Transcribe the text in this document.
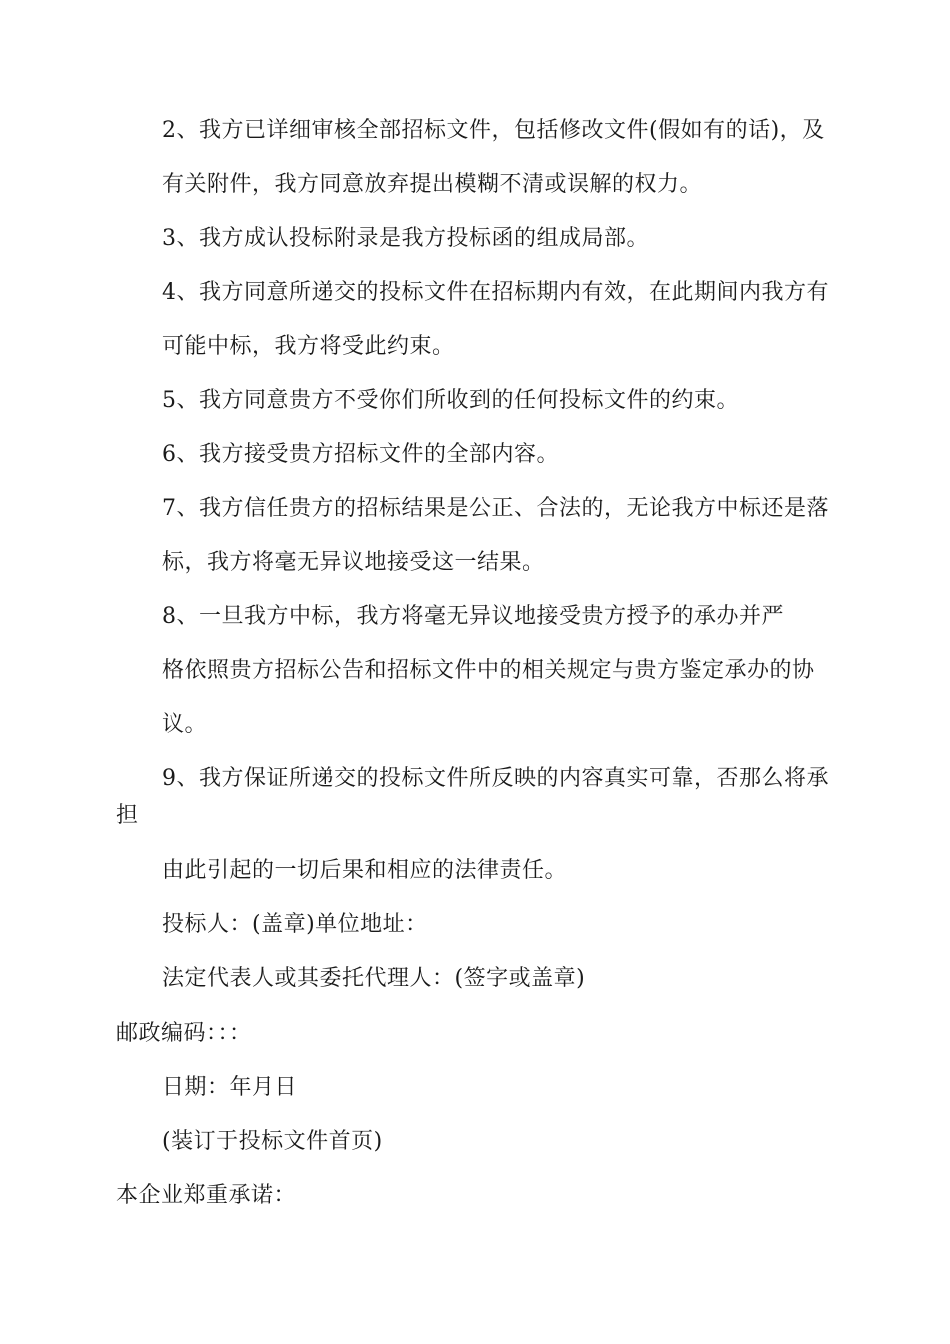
2、我方已详细审核全部招标文件，包括修改文件(假如有的话)，及
有关附件，我方同意放弃提出模糊不清或误解的权力。
3、我方成认投标附录是我方投标函的组成局部。
4、我方同意所递交的投标文件在招标期内有效，在此期间内我方有
可能中标，我方将受此约束。
5、我方同意贵方不受你们所收到的任何投标文件的约束。
6、我方接受贵方招标文件的全部内容。
7、我方信任贵方的招标结果是公正、合法的，无论我方中标还是落
标，我方将毫无异议地接受这一结果。
8、一旦我方中标，我方将毫无异议地接受贵方授予的承办并严
格依照贵方招标公告和招标文件中的相关规定与贵方鉴定承办的协
议。
9、我方保证所递交的投标文件所反映的内容真实可靠，否那么将承
担
由此引起的一切后果和相应的法律责任。
投标人：(盖章)单位地址：
法定代表人或其委托代理人：(签字或盖章)
邮政编码：：：
日期：年月日
(装订于投标文件首页)
本企业郑重承诺：
